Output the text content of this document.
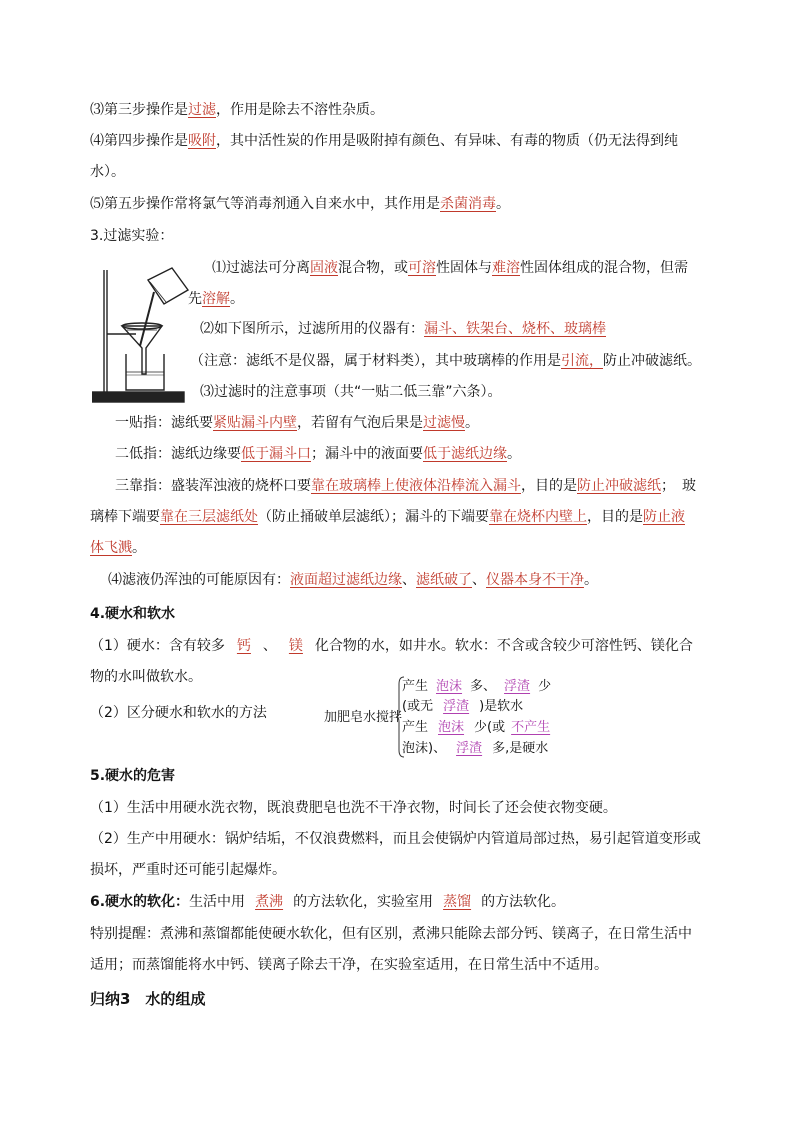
⑶第三步操作是过滤，作用是除去不溶性杂质。
⑷第四步操作是吸附，其中活性炭的作用是吸附掉有颜色、有异味、有毒的物质（仍无法得到纯
水）。
⑸第五步操作常将氯气等消毒剂通入自来水中，其作用是杀菌消毒。
3.过滤实验：
⑴过滤法可分离固液混合物，或可溶性固体与难溶性固体组成的混合物，但需
先溶解。
⑵如下图所示，过滤所用的仪器有：漏斗、铁架台、烧杯、玻璃棒
（注意：滤纸不是仪器，属于材料类），其中玻璃棒的作用是引流，防止冲破滤纸。
⑶过滤时的注意事项（共“一贴二低三靠”六条）。
一贴指：滤纸要紧贴漏斗内壁，若留有气泡后果是过滤慢。
二低指：滤纸边缘要低于漏斗口；漏斗中的液面要低于滤纸边缘。
三靠指：盛装浑浊液的烧杯口要靠在玻璃棒上使液体沿棒流入漏斗，目的是防止冲破滤纸；　玻
璃棒下端要靠在三层滤纸处（防止捅破单层滤纸）；漏斗的下端要靠在烧杯内壁上，目的是防止液
体飞溅。
⑷滤液仍浑浊的可能原因有：液面超过滤纸边缘、滤纸破了、仪器本身不干净。
4.硬水和软水
（1）硬水：含有较多 钙 、 镁 化合物的水，如井水。软水：不含或含较少可溶性钙、镁化合
物的水叫做软水。
（2）区分硬水和软水的方法	加肥皂水搅拌
产生 泡沫 多、 浮渣 少
(或无 浮渣 )是软水
产生 泡沫 少(或 不产生
泡沫)、 浮渣 多,是硬水
5.硬水的危害
（1）生活中用硬水洗衣物，既浪费肥皂也洗不干净衣物，时间长了还会使衣物变硬。
（2）生产中用硬水：锅炉结垢，不仅浪费燃料，而且会使锅炉内管道局部过热，易引起管道变形或
损坏，严重时还可能引起爆炸。
6.硬水的软化：生活中用 煮沸 的方法软化，实验室用 蒸馏 的方法软化。
特别提醒：煮沸和蒸馏都能使硬水软化，但有区别，煮沸只能除去部分钙、镁离子，在日常生活中
适用；而蒸馏能将水中钙、镁离子除去干净，在实验室适用，在日常生活中不适用。
归纳3　水的组成
